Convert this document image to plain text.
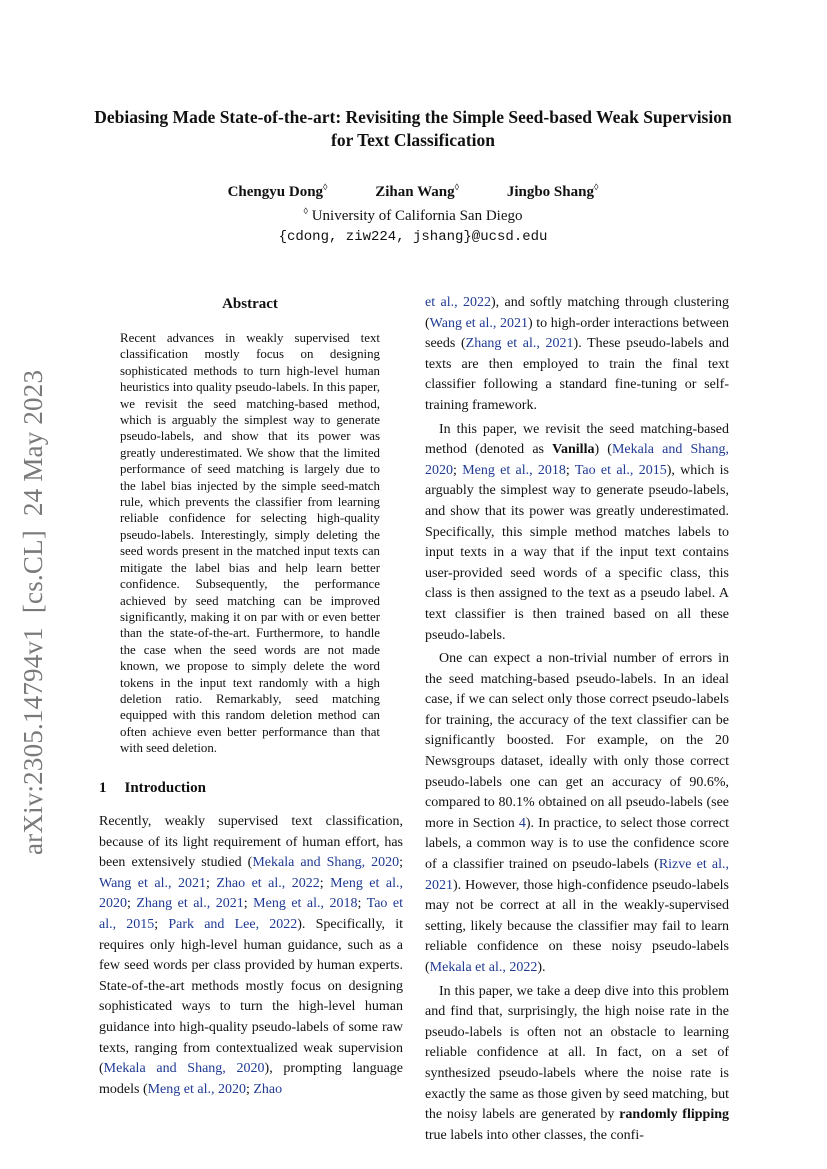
arXiv:2305.14794v1[cs.CL]24 May 2023
Debiasing Made State-of-the-art: Revisiting the Simple Seed-based Weak Supervision for Text Classification
Chengyu Dong◊	Zihan Wang◊	Jingbo Shang◊
◊ University of California San Diego
{cdong, ziw224, jshang}@ucsd.edu
Abstract

Recent advances in weakly supervised text classification mostly focus on designing sophisticated methods to turn high-level human heuristics into quality pseudo-labels. In this paper, we revisit the seed matching-based method, which is arguably the simplest way to generate pseudo-labels, and show that its power was greatly underestimated. We show that the limited performance of seed matching is largely due to the label bias injected by the simple seed-match rule, which prevents the classifier from learning reliable confidence for selecting high-quality pseudo-labels. Interestingly, simply deleting the seed words present in the matched input texts can mitigate the label bias and help learn better confidence. Subsequently, the performance achieved by seed matching can be improved significantly, making it on par with or even better than the state-of-the-art. Furthermore, to handle the case when the seed words are not made known, we propose to simply delete the word tokens in the input text randomly with a high deletion ratio. Remarkably, seed matching equipped with this random deletion method can often achieve even better performance than that with seed deletion.

1 Introduction

Recently, weakly supervised text classification, because of its light requirement of human effort, has been extensively studied (Mekala and Shang, 2020; Wang et al., 2021; Zhao et al., 2022; Meng et al., 2020; Zhang et al., 2021; Meng et al., 2018; Tao et al., 2015; Park and Lee, 2022). Specifically, it requires only high-level human guidance, such as a few seed words per class provided by human experts. State-of-the-art methods mostly focus on designing sophisticated ways to turn the high-level human guidance into high-quality pseudo-labels of some raw texts, ranging from contextualized weak supervision (Mekala and Shang, 2020), prompting language models (Meng et al., 2020; Zhao

et al., 2022), and softly matching through clustering (Wang et al., 2021) to high-order interactions between seeds (Zhang et al., 2021). These pseudo-labels and texts are then employed to train the final text classifier following a standard fine-tuning or self-training framework.

In this paper, we revisit the seed matching-based method (denoted as Vanilla) (Mekala and Shang, 2020; Meng et al., 2018; Tao et al., 2015), which is arguably the simplest way to generate pseudo-labels, and show that its power was greatly underestimated. Specifically, this simple method matches labels to input texts in a way that if the input text contains user-provided seed words of a specific class, this class is then assigned to the text as a pseudo label. A text classifier is then trained based on all these pseudo-labels.

One can expect a non-trivial number of errors in the seed matching-based pseudo-labels. In an ideal case, if we can select only those correct pseudo-labels for training, the accuracy of the text classifier can be significantly boosted. For example, on the 20 Newsgroups dataset, ideally with only those correct pseudo-labels one can get an accuracy of 90.6%, compared to 80.1% obtained on all pseudo-labels (see more in Section 4). In practice, to select those correct labels, a common way is to use the confidence score of a classifier trained on pseudo-labels (Rizve et al., 2021). However, those high-confidence pseudo-labels may not be correct at all in the weakly-supervised setting, likely because the classifier may fail to learn reliable confidence on these noisy pseudo-labels (Mekala et al., 2022).

In this paper, we take a deep dive into this problem and find that, surprisingly, the high noise rate in the pseudo-labels is often not an obstacle to learning reliable confidence at all. In fact, on a set of synthesized pseudo-labels where the noise rate is exactly the same as those given by seed matching, but the noisy labels are generated by randomly flipping true labels into other classes, the confi-
